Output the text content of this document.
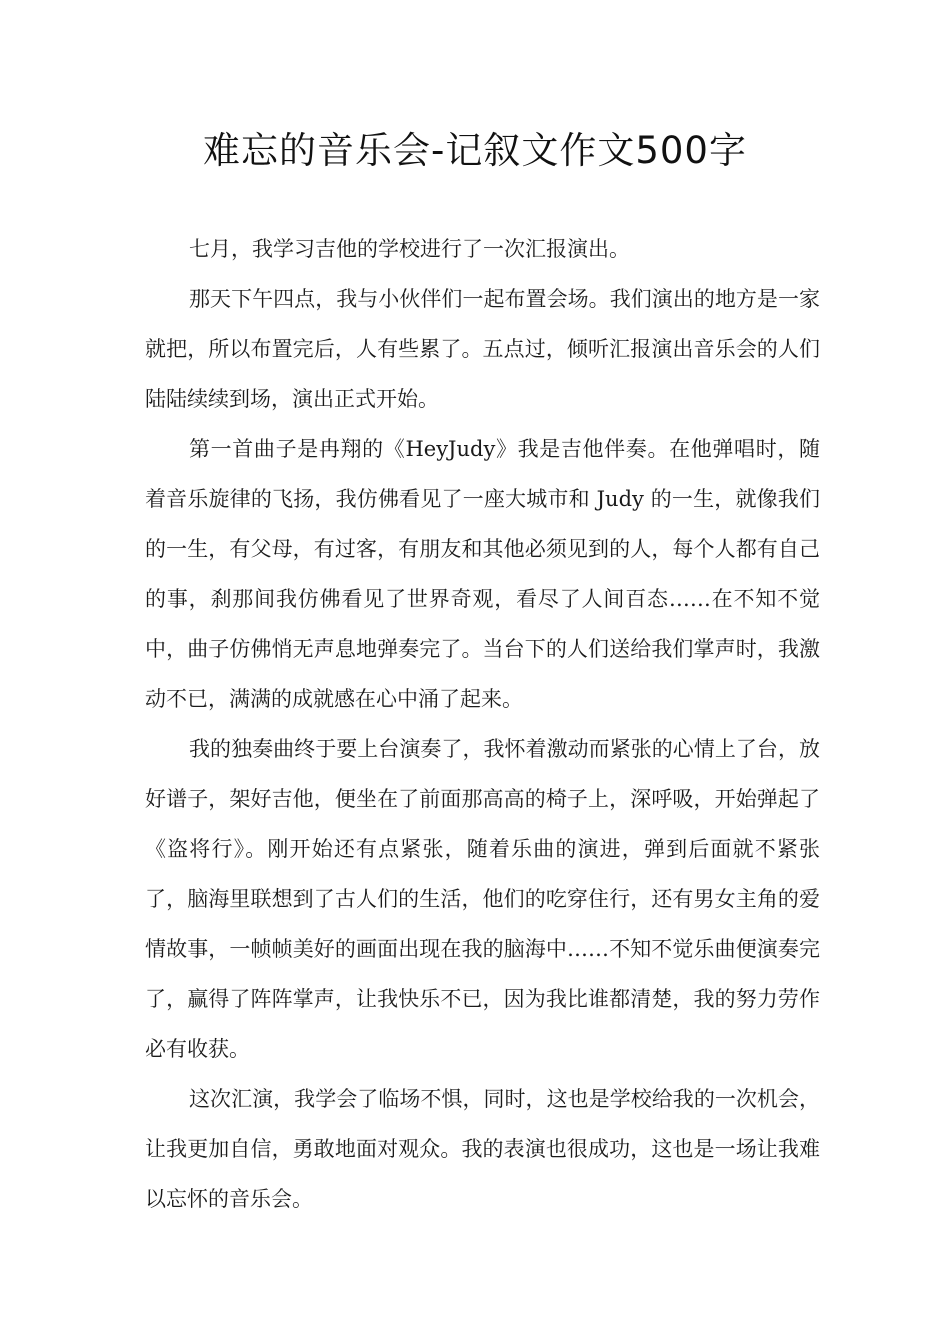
难忘的音乐会-记叙文作文500字

七月，我学习吉他的学校进行了一次汇报演出。

那天下午四点，我与小伙伴们一起布置会场。我们演出的地方是一家就把，所以布置完后，人有些累了。五点过，倾听汇报演出音乐会的人们陆陆续续到场，演出正式开始。

第一首曲子是冉翔的《HeyJudy》我是吉他伴奏。在他弹唱时，随着音乐旋律的飞扬，我仿佛看见了一座大城市和 Judy 的一生，就像我们的一生，有父母，有过客，有朋友和其他必须见到的人，每个人都有自己的事，刹那间我仿佛看见了世界奇观，看尽了人间百态……在不知不觉中，曲子仿佛悄无声息地弹奏完了。当台下的人们送给我们掌声时，我激动不已，满满的成就感在心中涌了起来。

我的独奏曲终于要上台演奏了，我怀着激动而紧张的心情上了台，放好谱子，架好吉他，便坐在了前面那高高的椅子上，深呼吸，开始弹起了《盗将行》。刚开始还有点紧张，随着乐曲的演进，弹到后面就不紧张了，脑海里联想到了古人们的生活，他们的吃穿住行，还有男女主角的爱情故事，一帧帧美好的画面出现在我的脑海中……不知不觉乐曲便演奏完了，赢得了阵阵掌声，让我快乐不已，因为我比谁都清楚，我的努力劳作必有收获。

这次汇演，我学会了临场不惧，同时，这也是学校给我的一次机会，让我更加自信，勇敢地面对观众。我的表演也很成功，这也是一场让我难以忘怀的音乐会。
